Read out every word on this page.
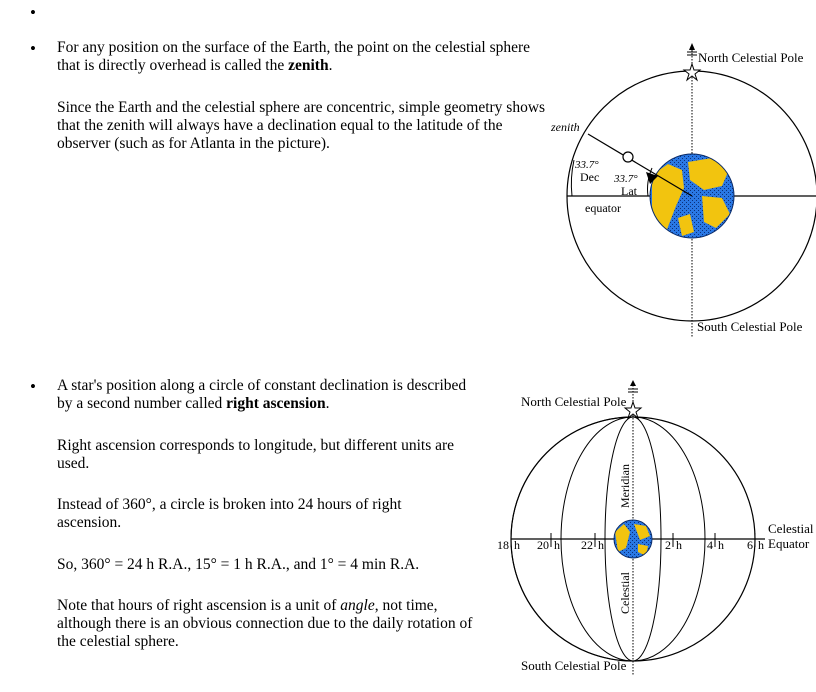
•
• For any position on the surface of the Earth, the point on the celestial sphere that is directly overhead is called the zenith.

Since the Earth and the celestial sphere are concentric, simple geometry shows that the zenith will always have a declination equal to the latitude of the observer (such as for Atlanta in the picture).

• A star's position along a circle of constant declination is described by a second number called right ascension.

Right ascension corresponds to longitude, but different units are used.

Instead of 360°, a circle is broken into 24 hours of right ascension.

So, 360° = 24 h R.A., 15° = 1 h R.A., and 1° = 4 min R.A.

Note that hours of right ascension is a unit of angle, not time, although there is an obvious connection due to the daily rotation of the celestial sphere.

North Celestial Pole
South Celestial Pole
zenith
33.7°
Dec 33.7°
Lat
equator
18 h 20 h 22 h	2 h 4 h 6 h
North Celestial Pole
South Celestial Pole
Celestial
Equator
Meridian
Celestial
